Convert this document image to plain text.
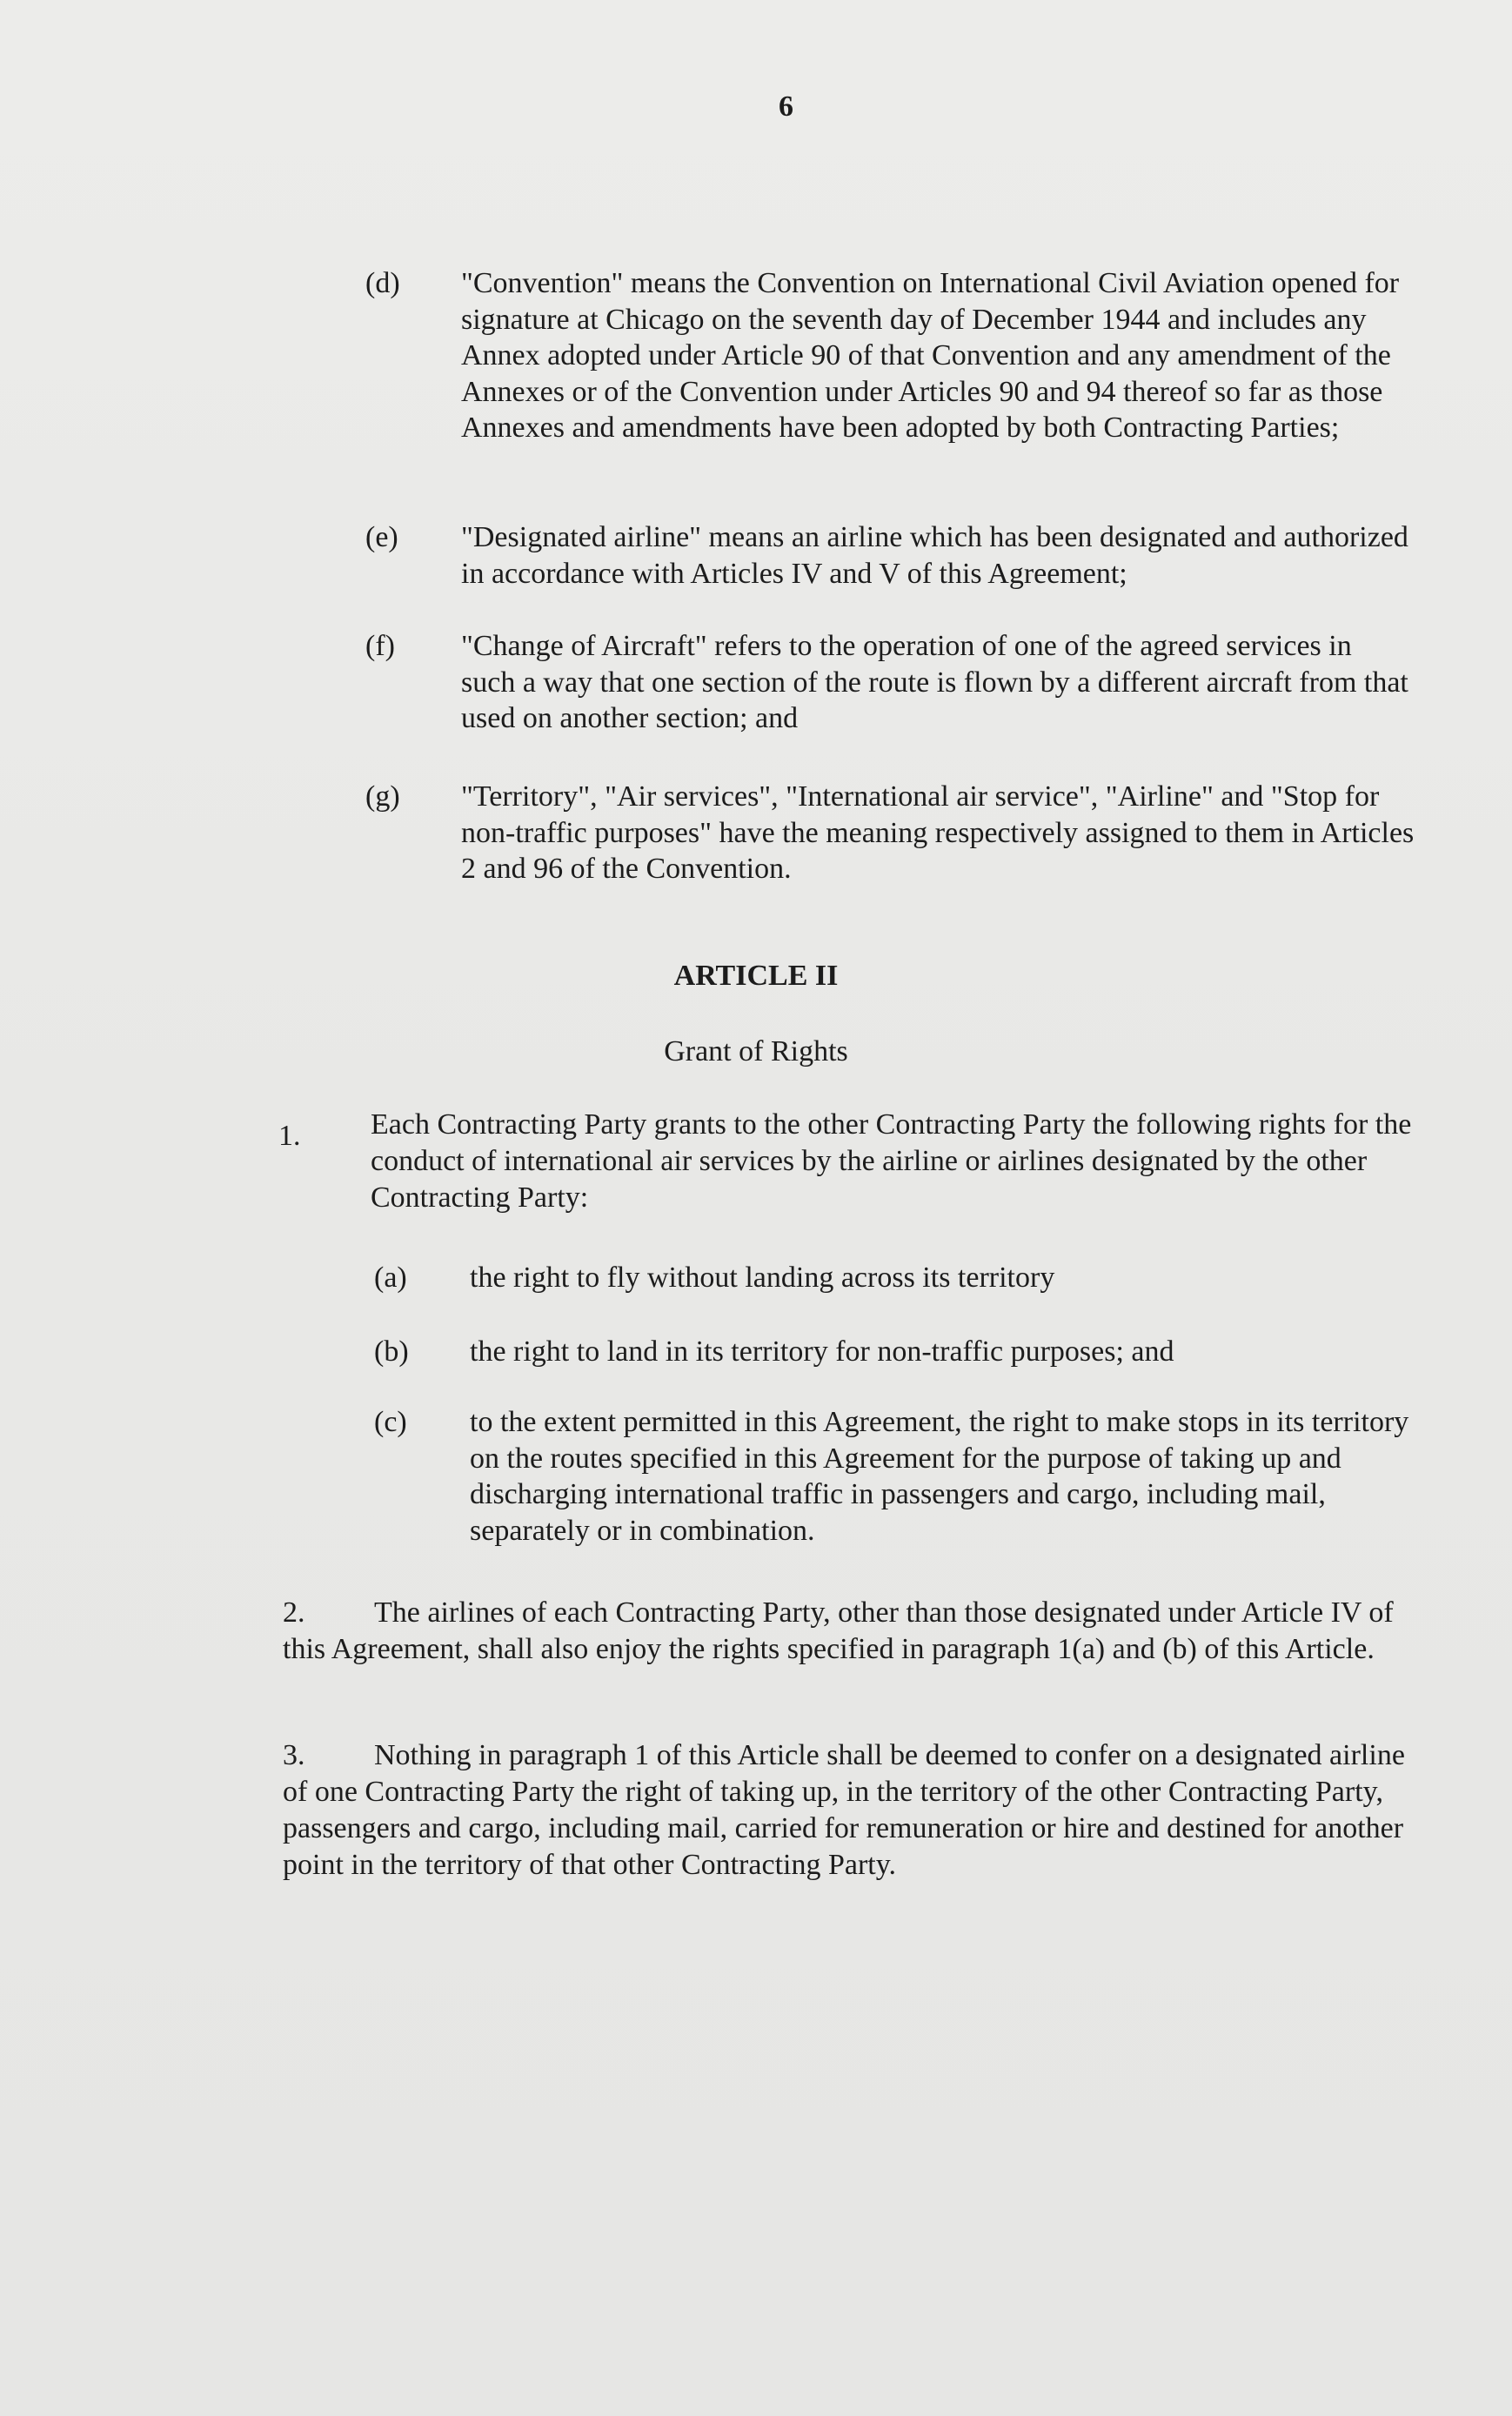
6
(d)	"Convention" means the Convention on International Civil Aviation opened for signature at Chicago on the seventh day of December 1944 and includes any Annex adopted under Article 90 of that Convention and any amendment of the Annexes or of the Convention under Articles 90 and 94 thereof so far as those Annexes and amendments have been adopted by both Contracting Parties;
(e)	"Designated airline" means an airline which has been designated and authorized in accordance with Articles IV and V of this Agreement;
(f)	"Change of Aircraft" refers to the operation of one of the agreed services in such a way that one section of the route is flown by a different aircraft from that used on another section; and
(g)	"Territory", "Air services", "International air service", "Airline" and "Stop for non-traffic purposes" have the meaning respectively assigned to them in Articles 2 and 96 of the Convention.
ARTICLE II
Grant of Rights
1. Each Contracting Party grants to the other Contracting Party the following rights for the conduct of international air services by the airline or airlines designated by the other Contracting Party:
(a)	the right to fly without landing across its territory
(b)	the right to land in its territory for non-traffic purposes; and
(c)	to the extent permitted in this Agreement, the right to make stops in its territory on the routes specified in this Agreement for the purpose of taking up and discharging international traffic in passengers and cargo, including mail, separately or in combination.
2. The airlines of each Contracting Party, other than those designated under Article IV of this Agreement, shall also enjoy the rights specified in paragraph 1(a) and (b) of this Article.
3. Nothing in paragraph 1 of this Article shall be deemed to confer on a designated airline of one Contracting Party the right of taking up, in the territory of the other Contracting Party, passengers and cargo, including mail, carried for remuneration or hire and destined for another point in the territory of that other Contracting Party.
